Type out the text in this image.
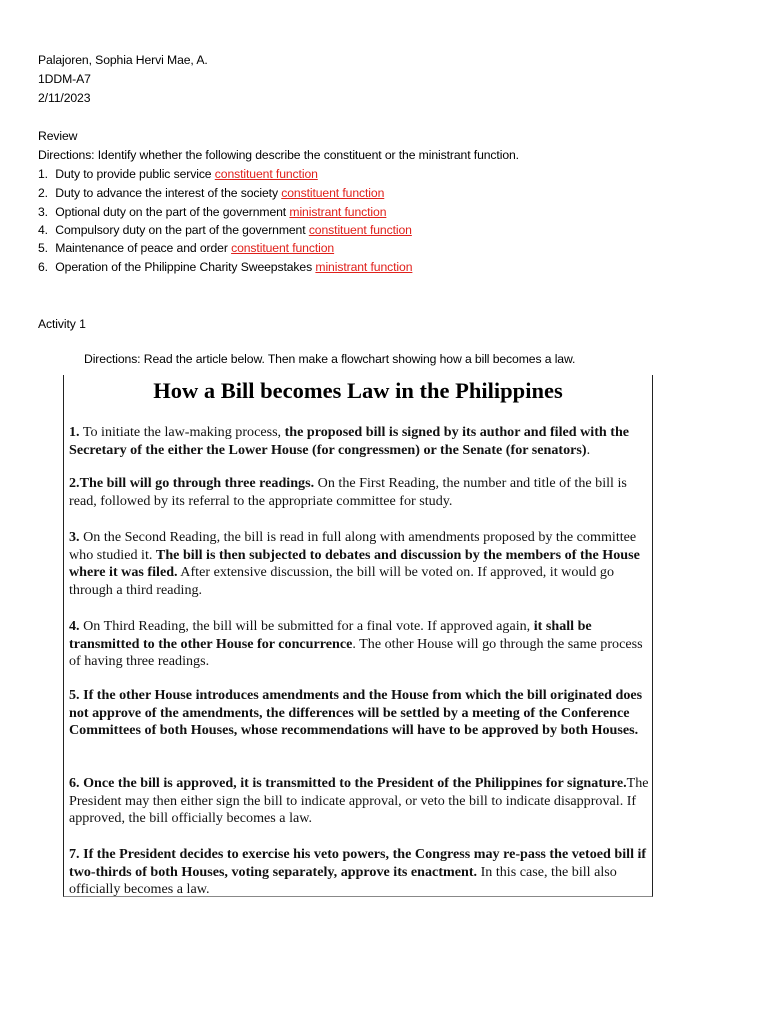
Palajoren, Sophia Hervi Mae, A.
1DDM-A7
2/11/2023
Review
Directions: Identify whether the following describe the constituent or the ministrant function.
1. Duty to provide public service constituent function
2. Duty to advance the interest of the society constituent function
3. Optional duty on the part of the government ministrant function
4. Compulsory duty on the part of the government constituent function
5. Maintenance of peace and order constituent function
6. Operation of the Philippine Charity Sweepstakes ministrant function
Activity 1
Directions: Read the article below. Then make a flowchart showing how a bill becomes a law.
How a Bill becomes Law in the Philippines
1. To initiate the law-making process, the proposed bill is signed by its author and filed with the Secretary of the either the Lower House (for congressmen) or the Senate (for senators).
2.The bill will go through three readings. On the First Reading, the number and title of the bill is read, followed by its referral to the appropriate committee for study.
3. On the Second Reading, the bill is read in full along with amendments proposed by the committee who studied it. The bill is then subjected to debates and discussion by the members of the House where it was filed. After extensive discussion, the bill will be voted on. If approved, it would go through a third reading.
4. On Third Reading, the bill will be submitted for a final vote. If approved again, it shall be transmitted to the other House for concurrence. The other House will go through the same process of having three readings.
5. If the other House introduces amendments and the House from which the bill originated does not approve of the amendments, the differences will be settled by a meeting of the Conference Committees of both Houses, whose recommendations will have to be approved by both Houses.
6. Once the bill is approved, it is transmitted to the President of the Philippines for signature.The President may then either sign the bill to indicate approval, or veto the bill to indicate disapproval. If approved, the bill officially becomes a law.
7. If the President decides to exercise his veto powers, the Congress may re-pass the vetoed bill if two-thirds of both Houses, voting separately, approve its enactment. In this case, the bill also officially becomes a law.
